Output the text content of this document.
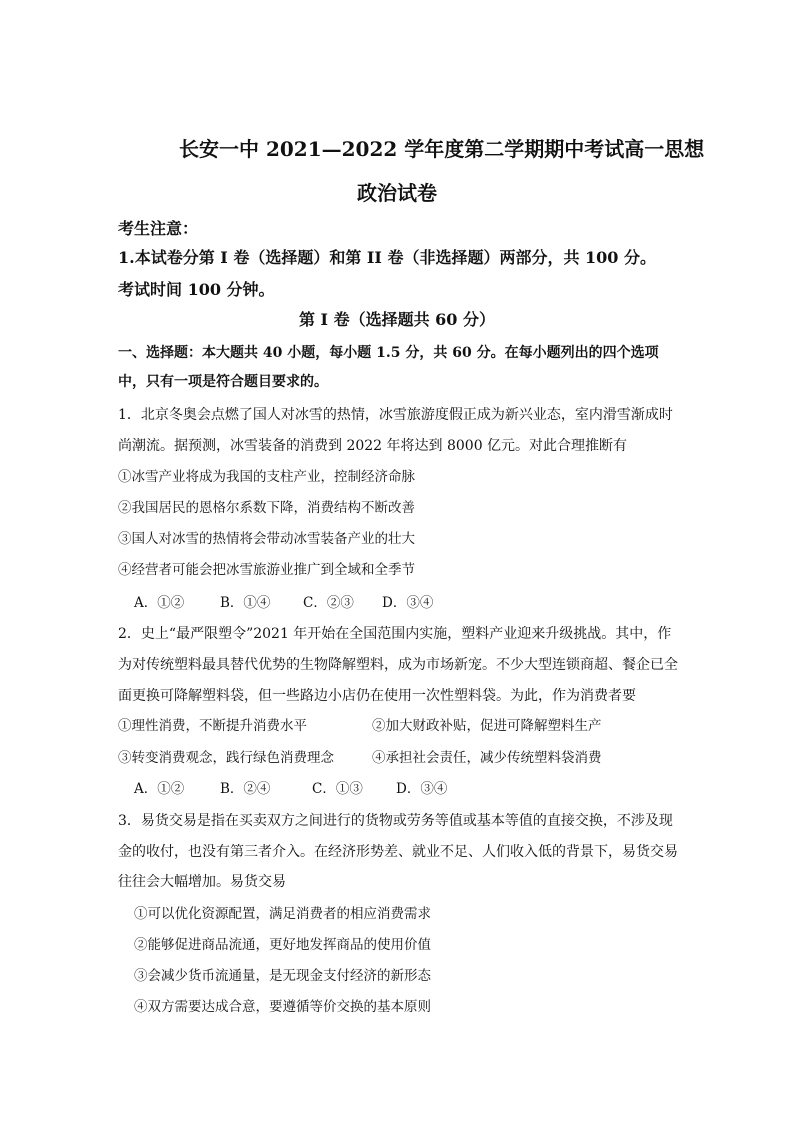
长安一中 2021—2022 学年度第二学期期中考试高一思想
政治试卷
考生注意：
1.本试卷分第 I 卷（选择题）和第 II 卷（非选择题）两部分，共 100 分。
考试时间 100 分钟。
第 I 卷（选择题共 60 分）
一、选择题：本大题共 40 小题，每小题 1.5 分，共 60 分。在每小题列出的四个选项
中，只有一项是符合题目要求的。
1．北京冬奥会点燃了国人对冰雪的热情，冰雪旅游度假正成为新兴业态，室内滑雪渐成时
尚潮流。据预测，冰雪装备的消费到 2022 年将达到 8000 亿元。对此合理推断有
①冰雪产业将成为我国的支柱产业，控制经济命脉
②我国居民的恩格尔系数下降，消费结构不断改善
③国人对冰雪的热情将会带动冰雪装备产业的壮大
④经营者可能会把冰雪旅游业推广到全域和全季节
A．①②	B．①④ C．②③ D．③④
2．史上“最严限塑令”2021 年开始在全国范围内实施，塑料产业迎来升级挑战。其中，作
为对传统塑料最具替代优势的生物降解塑料，成为市场新宠。不少大型连锁商超、餐企已全
面更换可降解塑料袋，但一些路边小店仍在使用一次性塑料袋。为此，作为消费者要
①理性消费，不断提升消费水平	②加大财政补贴，促进可降解塑料生产
③转变消费观念，践行绿色消费理念	④承担社会责任，减少传统塑料袋消费
A．①②	B．②④	C．①③ D．③④
3．易货交易是指在买卖双方之间进行的货物或劳务等值或基本等值的直接交换，不涉及现
金的收付，也没有第三者介入。在经济形势差、就业不足、人们收入低的背景下，易货交易
往往会大幅增加。易货交易
①可以优化资源配置，满足消费者的相应消费需求
②能够促进商品流通，更好地发挥商品的使用价值
③会减少货币流通量，是无现金支付经济的新形态
④双方需要达成合意，要遵循等价交换的基本原则
